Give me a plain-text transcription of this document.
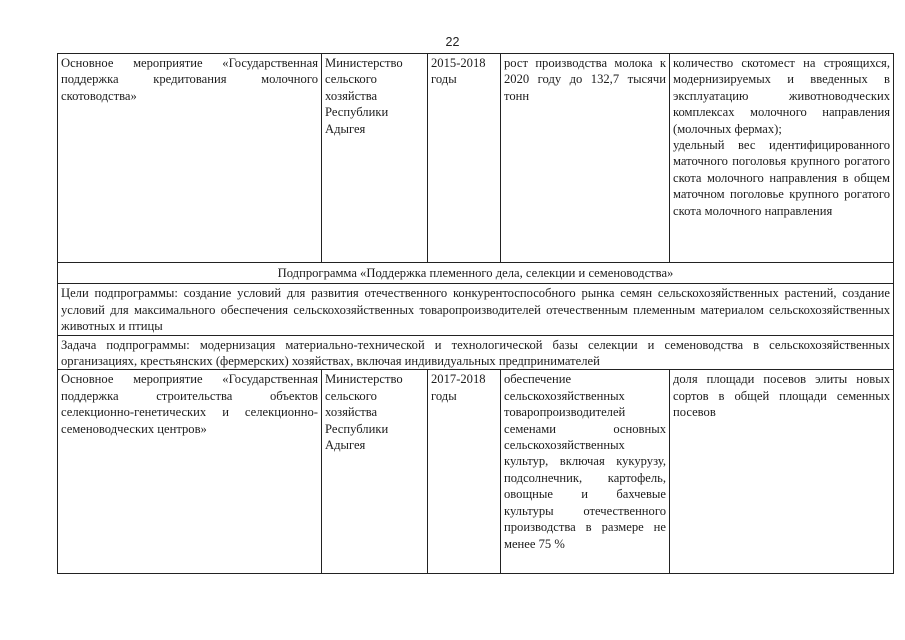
22
Основное мероприятие «Государственная поддержка кредитования молочного скотоводства»	Министерство сельского хозяйства Республики Адыгея	2015-2018 годы	рост производства молока к 2020 году до 132,7 тысячи тонн	количество скотомест на строящихся, модернизируемых и введенных в эксплуатацию животноводческих комплексах молочного направления (молочных фермах);
удельный вес идентифицированного маточного поголовья крупного рогатого скота молочного направления в общем маточном поголовье крупного рогатого скота молочного направления

Подпрограмма «Поддержка племенного дела, селекции и семеноводства»				
Цели подпрограммы: создание условий для развития отечественного конкурентоспособного рынка семян сельскохозяйственных растений, создание условий для максимального обеспечения сельскохозяйственных товаропроизводителей отечественным племенным материалом сельскохозяйственных животных и птицы				
Задача подпрограммы: модернизация материально-технической и технологической базы селекции и семеноводства в сельскохозяйственных организациях, крестьянских (фермерских) хозяйствах, включая индивидуальных предпринимателей				
Основное мероприятие «Государственная поддержка строительства объектов селекционно-генетических и селекционно-семеноводческих центров»	Министерство сельского хозяйства Республики Адыгея	2017-2018 годы	обеспечение сельскохозяйственных товаропроизводителей семенами основных сельскохозяйственных культур, включая кукурузу, подсолнечник, картофель, овощные и бахчевые культуры отечественного производства в размере не менее 75 %	доля площади посевов элиты новых сортов в общей площади семенных посевов
